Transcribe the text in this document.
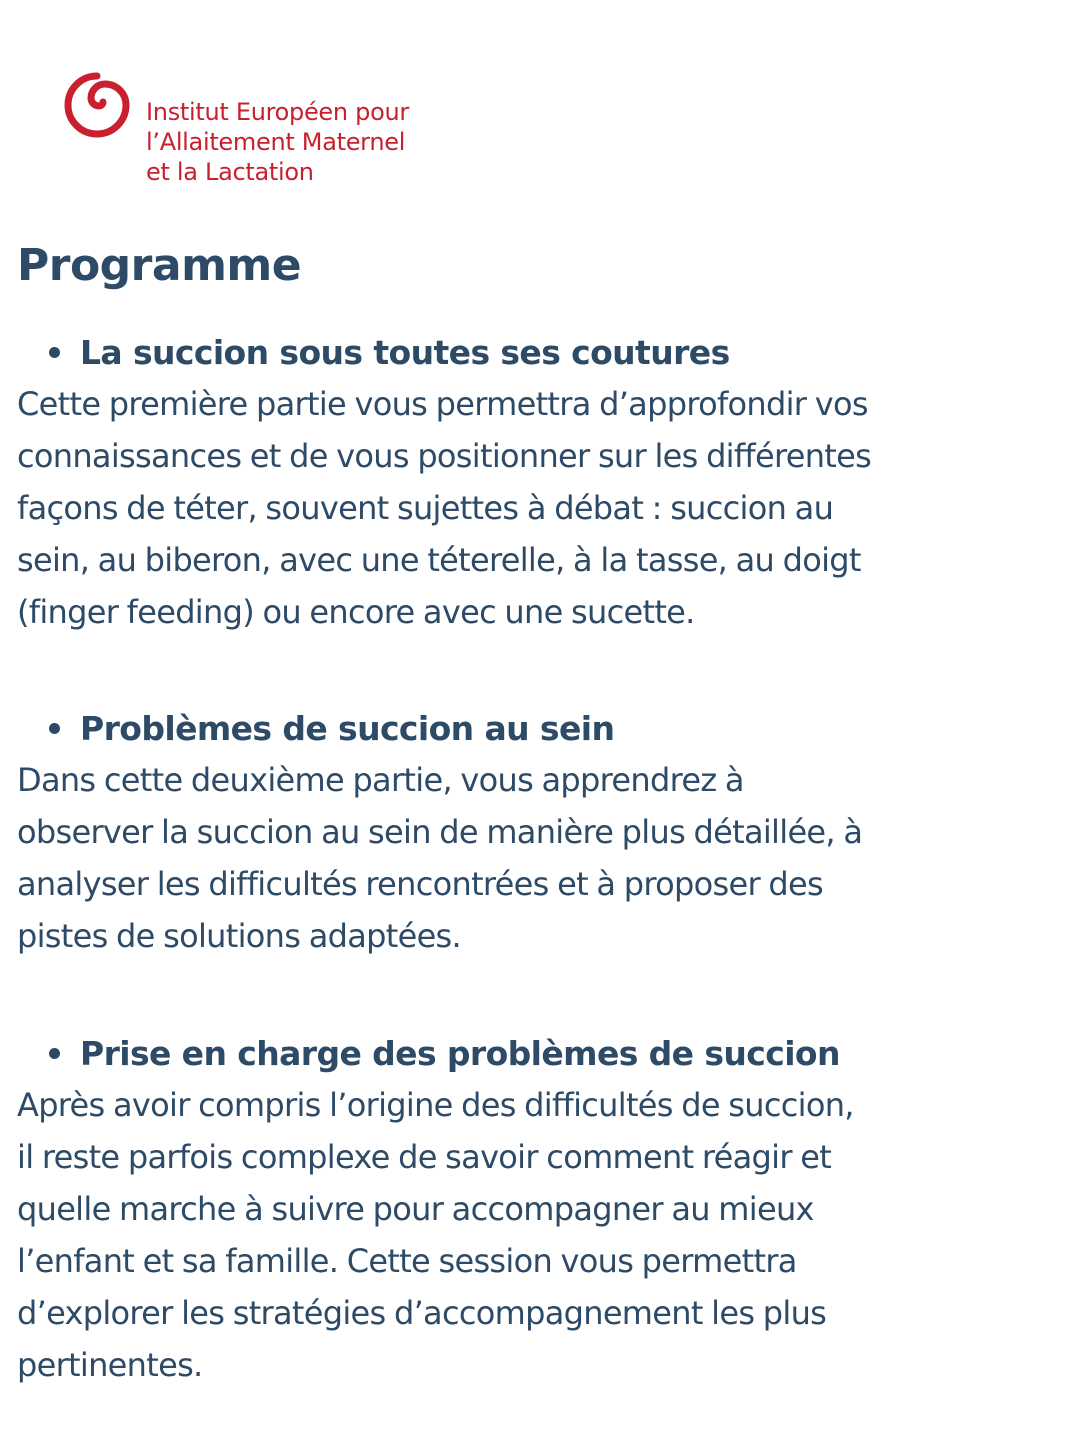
Institut Européen pour
l’Allaitement Maternel
et la Lactation
Programme
La succion sous toutes ses coutures

Cette première partie vous permettra d’approfondir vos
connaissances et de vous positionner sur les différentes
façons de téter, souvent sujettes à débat : succion au
sein, au biberon, avec une téterelle, à la tasse, au doigt
(finger feeding) ou encore avec une sucette.

Problèmes de succion au sein

Dans cette deuxième partie, vous apprendrez à
observer la succion au sein de manière plus détaillée, à
analyser les difficultés rencontrées et à proposer des
pistes de solutions adaptées.

Prise en charge des problèmes de succion

Après avoir compris l’origine des difficultés de succion,
il reste parfois complexe de savoir comment réagir et
quelle marche à suivre pour accompagner au mieux
l’enfant et sa famille. Cette session vous permettra
d’explorer les stratégies d’accompagnement les plus
pertinentes.
